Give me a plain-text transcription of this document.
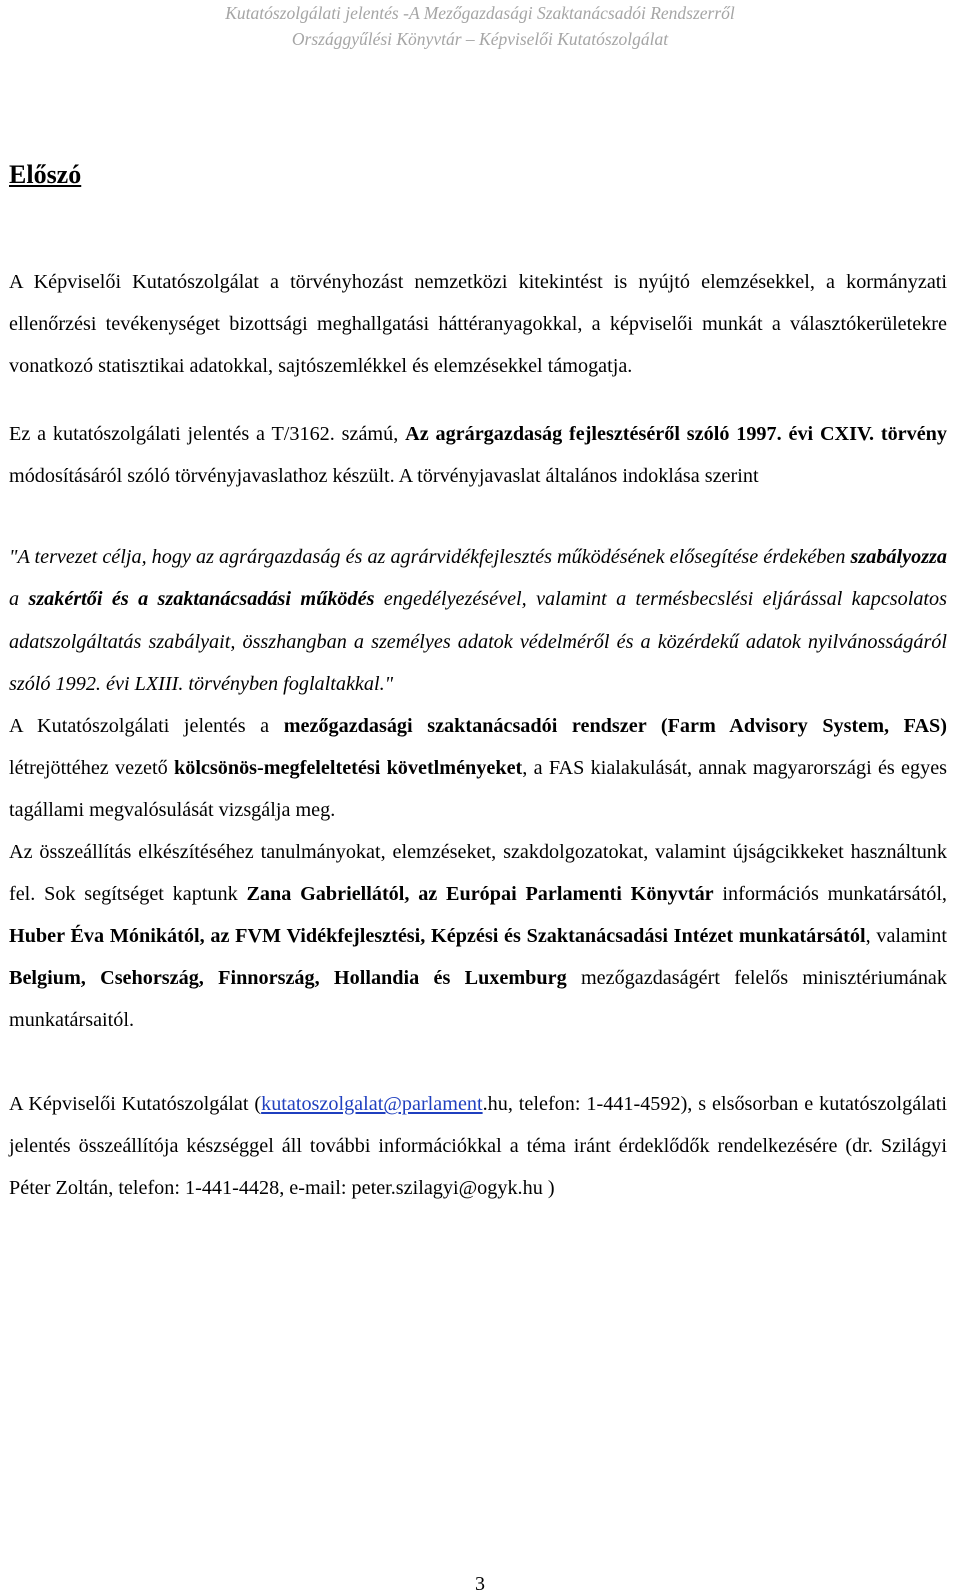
Kutatószolgálati jelentés -A Mezőgazdasági Szaktanácsadói Rendszerről
Országgyűlési Könyvtár – Képviselői Kutatószolgálat
Előszó

A Képviselői Kutatószolgálat a törvényhozást nemzetközi kitekintést is nyújtó elemzésekkel, a kormányzati ellenőrzési tevékenységet bizottsági meghallgatási háttéranyagokkal, a képviselői munkát a választókerületekre vonatkozó statisztikai adatokkal, sajtószemlékkel és elemzésekkel támogatja.

Ez a kutatószolgálati jelentés a T/3162. számú, Az agrárgazdaság fejlesztéséről szóló 1997. évi CXIV. törvény módosításáról szóló törvényjavaslathoz készült. A törvényjavaslat általános indoklása szerint

"A tervezet célja, hogy az agrárgazdaság és az agrárvidékfejlesztés működésének elősegítése érdekében szabályozza a szakértői és a szaktanácsadási működés engedélyezésével, valamint a termésbecslési eljárással kapcsolatos adatszolgáltatás szabályait, összhangban a személyes adatok védelméről és a közérdekű adatok nyilvánosságáról szóló 1992. évi LXIII. törvényben foglaltakkal."

A Kutatószolgálati jelentés a mezőgazdasági szaktanácsadói rendszer (Farm Advisory System, FAS) létrejöttéhez vezető kölcsönös-megfeleltetési követlményeket, a FAS kialakulását, annak magyarországi és egyes tagállami megvalósulását vizsgálja meg.

Az összeállítás elkészítéséhez tanulmányokat, elemzéseket, szakdolgozatokat, valamint újságcikkeket használtunk fel. Sok segítséget kaptunk Zana Gabriellától, az Európai Parlamenti Könyvtár információs munkatársától, Huber Éva Mónikától, az FVM Vidékfejlesztési, Képzési és Szaktanácsadási Intézet munkatársától, valamint Belgium, Csehország, Finnország, Hollandia és Luxemburg mezőgazdaságért felelős minisztériumának munkatársaitól.

A Képviselői Kutatószolgálat (kutatoszolgalat@parlament.hu, telefon: 1-441-4592), s elsősorban e kutatószolgálati jelentés összeállítója készséggel áll további információkkal a téma iránt érdeklődők rendelkezésére (dr. Szilágyi Péter Zoltán, telefon: 1-441-4428, e-mail: peter.szilagyi@ogyk.hu )

3
